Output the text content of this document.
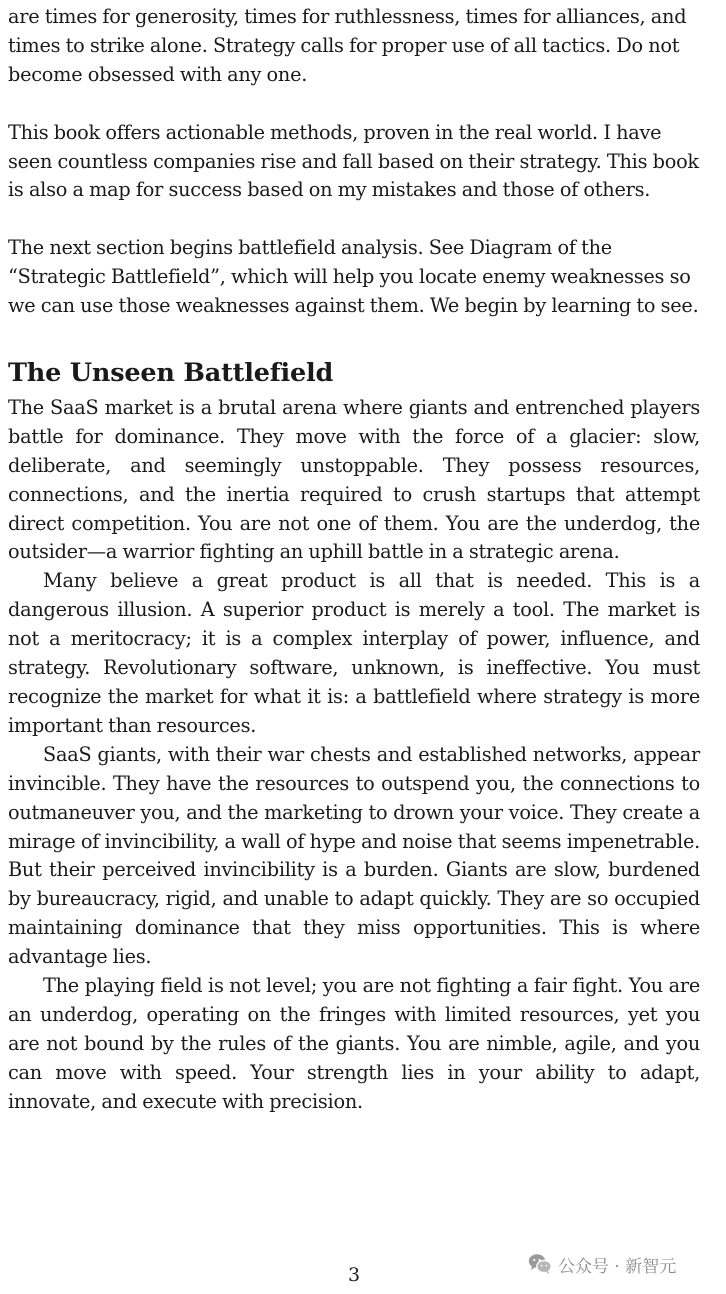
are times for generosity, times for ruthlessness, times for alliances, and times to strike alone. Strategy calls for proper use of all tactics. Do not become obsessed with any one.

This book offers actionable methods, proven in the real world. I have seen countless companies rise and fall based on their strategy. This book is also a map for success based on my mistakes and those of others.

The next section begins battlefield analysis. See Diagram of the “Strategic Battlefield”, which will help you locate enemy weaknesses so we can use those weaknesses against them. We begin by learning to see.

The Unseen Battlefield

The SaaS market is a brutal arena where giants and entrenched players battle for dominance. They move with the force of a glacier: slow, deliberate, and seemingly unstoppable. They possess resources, connections, and the inertia required to crush startups that attempt direct competition. You are not one of them. You are the underdog, the outsider—a warrior fighting an uphill battle in a strategic arena.

Many believe a great product is all that is needed. This is a dangerous illusion. A superior product is merely a tool. The market is not a meritocracy; it is a complex interplay of power, influence, and strategy. Revolutionary software, unknown, is ineffective. You must recognize the market for what it is: a battlefield where strategy is more important than resources.

SaaS giants, with their war chests and established networks, appear invincible. They have the resources to outspend you, the connections to outmaneuver you, and the marketing to drown your voice. They create a mirage of invincibility, a wall of hype and noise that seems impenetrable. But their perceived invincibility is a burden. Giants are slow, burdened by bureaucracy, rigid, and unable to adapt quickly. They are so occupied maintaining dominance that they miss opportunities. This is where advantage lies.

The playing field is not level; you are not fighting a fair fight. You are an underdog, operating on the fringes with limited resources, yet you are not bound by the rules of the giants. You are nimble, agile, and you can move with speed. Your strength lies in your ability to adapt, innovate, and execute with precision.

3	公众号 · 新智元
